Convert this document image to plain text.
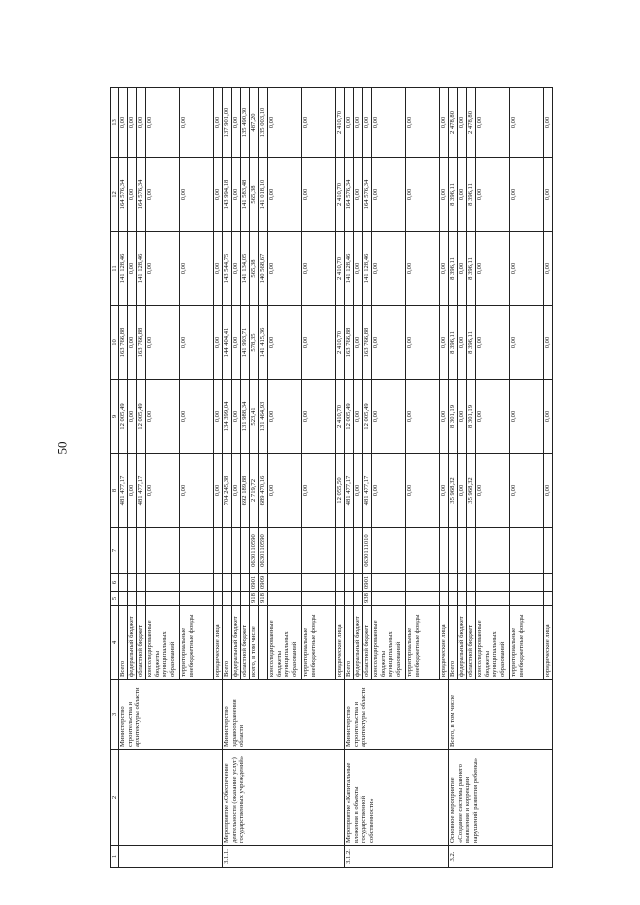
50
1	2	3	4	5	6	7	8	9	10	11	12	13
		Министерство строительства и архитектуры области	Всего				481 477,17	12 005,49	163 766,88	141 128,46	164 576,34	0,00
			федеральный бюджет				0,00	0,00	0,00	0,00	0,00	0,00
			областной бюджет				481 477,17	12 005,49	163 766,88	141 128,46	164 576,34	0,00
			консолидированные бюджеты муниципальных образований				0,00	0,00	0,00	0,00	0,00	0,00
			территориальные внебюджетные фонды				0,00	0,00	0,00	0,00	0,00	0,00
			юридические лица				0,00	0,00	0,00	0,00	0,00	0,00
3.1.1.	Мероприятие «Обеспечение деятельности (оказание услуг) государственных учреждений»	Министерство здравоохранения области	Всего				704 245,38	134 399,04	144 404,41	143 544,75	143 994,18	137 901,00
			федеральный бюджет				0,00	0,00	0,00	0,00	0,00	0,00
			областной бюджет				692 189,88	131 988,34	141 993,71	141 134,05	141 583,48	135 490,30
			всего, в том числе	918	0901	0630110590	2 719,72	523,41	578,35	565,38	565,38	487,20
				918	0909	0630110590	689 470,16	131 464,93	141 415,36	140 568,67	141 018,10	135 003,10
			консолидированные бюджеты муниципальных образований				0,00	0,00	0,00	0,00	0,00	0,00
			территориальные внебюджетные фонды				0,00	0,00	0,00	0,00	0,00	0,00
			юридические лица				12 055,50	2 410,70	2 410,70	2 410,70	2 410,70	2 410,70
3.1.2.	Мероприятие «Капитальные вложения в объекты государственной собственности»	Министерство строительства и архитектуры области	Всего				481 477,17	12 005,49	163 766,88	141 128,46	164 576,34	0,00
			федеральный бюджет				0,00	0,00	0,00	0,00	0,00	0,00
			областной бюджет	938	0901	0630111010	481 477,17	12 005,49	163 766,88	141 128,46	164 576,34	0,00
			консолидированные бюджеты муниципальных образований				0,00	0,00	0,00	0,00	0,00	0,00
			территориальные внебюджетные фонды				0,00	0,00	0,00	0,00	0,00	0,00
			юридические лица				0,00	0,00	0,00	0,00	0,00	0,00
3.2.	Основное мероприятие «Создание системы раннего выявления и коррекции нарушений развития ребенка»	Всего, в том числе	Всего				35 968,32	8 301,19	8 396,11	8 396,11	8 396,11	2 478,80
			федеральный бюджет				0,00	0,00	0,00	0,00	0,00	0,00
			областной бюджет				35 968,32	8 301,19	8 396,11	8 396,11	8 396,11	2 478,80
			консолидированные бюджеты муниципальных образований				0,00	0,00	0,00	0,00	0,00	0,00
			территориальные внебюджетные фонды				0,00	0,00	0,00	0,00	0,00	0,00
			юридические лица				0,00	0,00	0,00	0,00	0,00	0,00
